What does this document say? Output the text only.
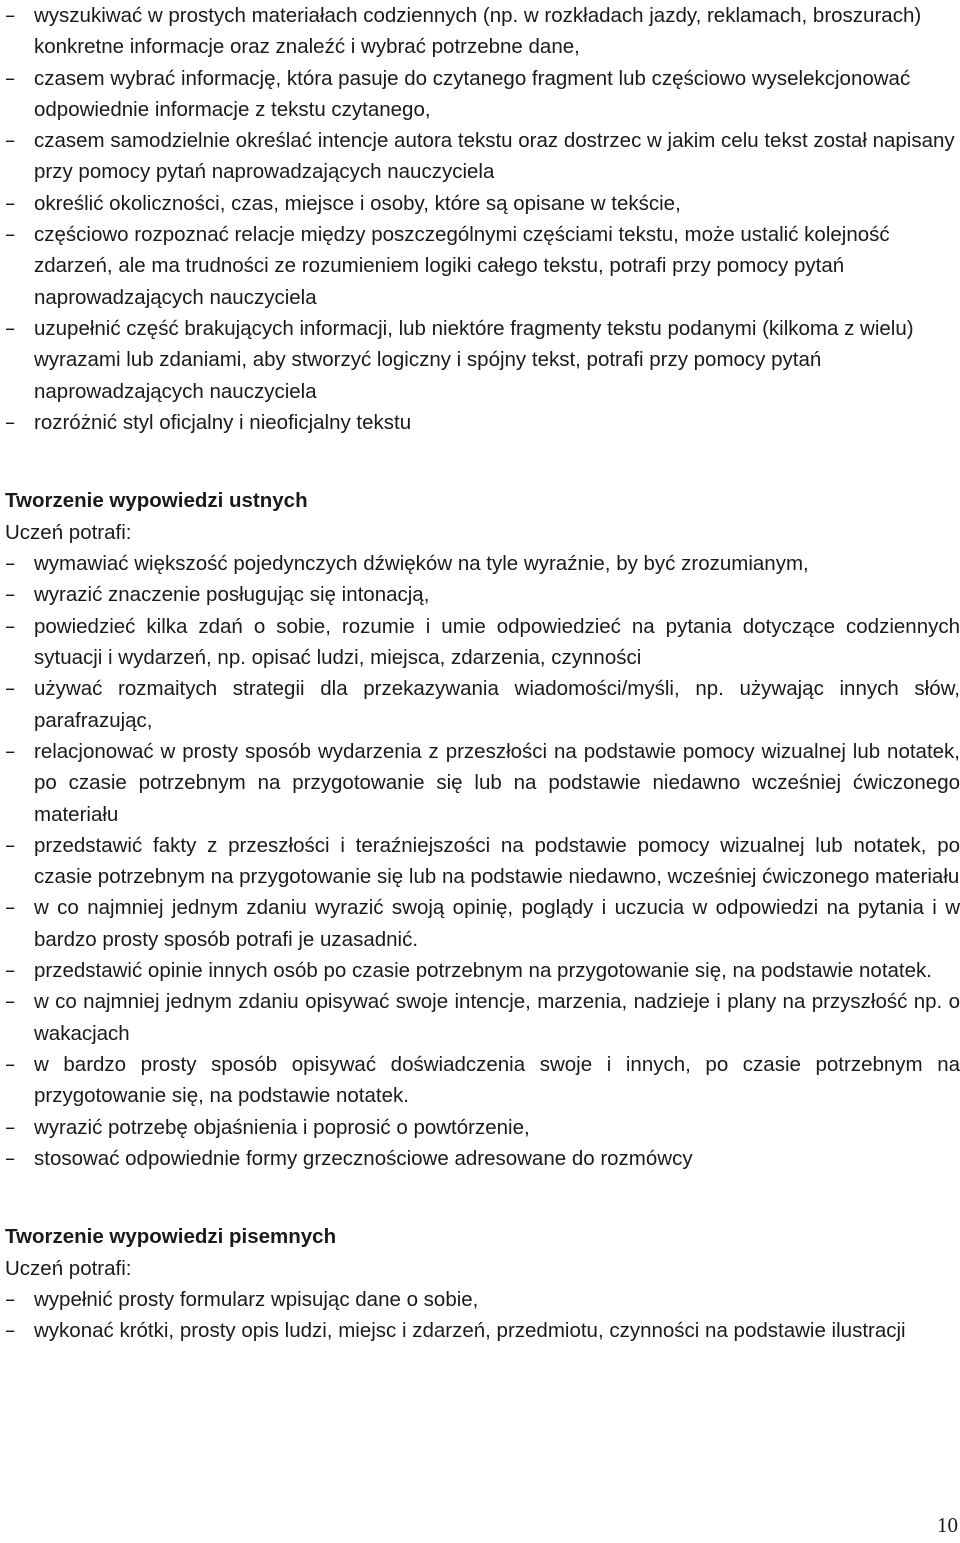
– wyszukiwać w prostych materiałach codziennych (np. w rozkładach jazdy, reklamach, broszurach) konkretne informacje oraz znaleźć i wybrać potrzebne dane,
– czasem wybrać informację, która pasuje do czytanego fragment lub częściowo wyselekcjonować odpowiednie informacje z tekstu czytanego,
– czasem samodzielnie określać intencje autora tekstu oraz dostrzec w jakim celu tekst został napisany przy pomocy pytań naprowadzających nauczyciela
– określić okoliczności, czas, miejsce i osoby, które są opisane w tekście,
– częściowo rozpoznać relacje między poszczególnymi częściami tekstu, może ustalić kolejność zdarzeń, ale ma trudności ze rozumieniem logiki całego tekstu, potrafi przy pomocy pytań naprowadzających nauczyciela
– uzupełnić część brakujących informacji, lub niektóre fragmenty tekstu podanymi (kilkoma z wielu) wyrazami lub zdaniami, aby stworzyć logiczny i spójny tekst, potrafi przy pomocy pytań naprowadzających nauczyciela
– rozróżnić styl oficjalny i nieoficjalny tekstu
Tworzenie wypowiedzi ustnych

Uczeń potrafi:

– wymawiać większość pojedynczych dźwięków na tyle wyraźnie, by być zrozumianym,
– wyrazić znaczenie posługując się intonacją,
– powiedzieć kilka zdań o sobie, rozumie i umie odpowiedzieć na pytania dotyczące codziennych sytuacji i wydarzeń, np. opisać ludzi, miejsca, zdarzenia, czynności
– używać rozmaitych strategii dla przekazywania wiadomości/myśli, np. używając innych słów, parafrazując,
– relacjonować w prosty sposób wydarzenia z przeszłości na podstawie pomocy wizualnej lub notatek, po czasie potrzebnym na przygotowanie się lub na podstawie niedawno wcześniej ćwiczonego materiału
– przedstawić fakty z przeszłości i teraźniejszości na podstawie pomocy wizualnej lub notatek, po czasie potrzebnym na przygotowanie się lub na podstawie niedawno, wcześniej ćwiczonego materiału
– w co najmniej jednym zdaniu wyrazić swoją opinię, poglądy i uczucia w odpowiedzi na pytania i w bardzo prosty sposób potrafi je uzasadnić.
– przedstawić opinie innych osób po czasie potrzebnym na przygotowanie się, na podstawie notatek.
– w co najmniej jednym zdaniu opisywać swoje intencje, marzenia, nadzieje i plany na przyszłość np. o wakacjach
– w bardzo prosty sposób opisywać doświadczenia swoje i innych, po czasie potrzebnym na przygotowanie się, na podstawie notatek.
– wyrazić potrzebę objaśnienia i poprosić o powtórzenie,
– stosować odpowiednie formy grzecznościowe adresowane do rozmówcy
Tworzenie wypowiedzi pisemnych

Uczeń potrafi:

– wypełnić prosty formularz wpisując dane o sobie,
– wykonać krótki, prosty opis ludzi, miejsc i zdarzeń, przedmiotu, czynności na podstawie ilustracji
10
